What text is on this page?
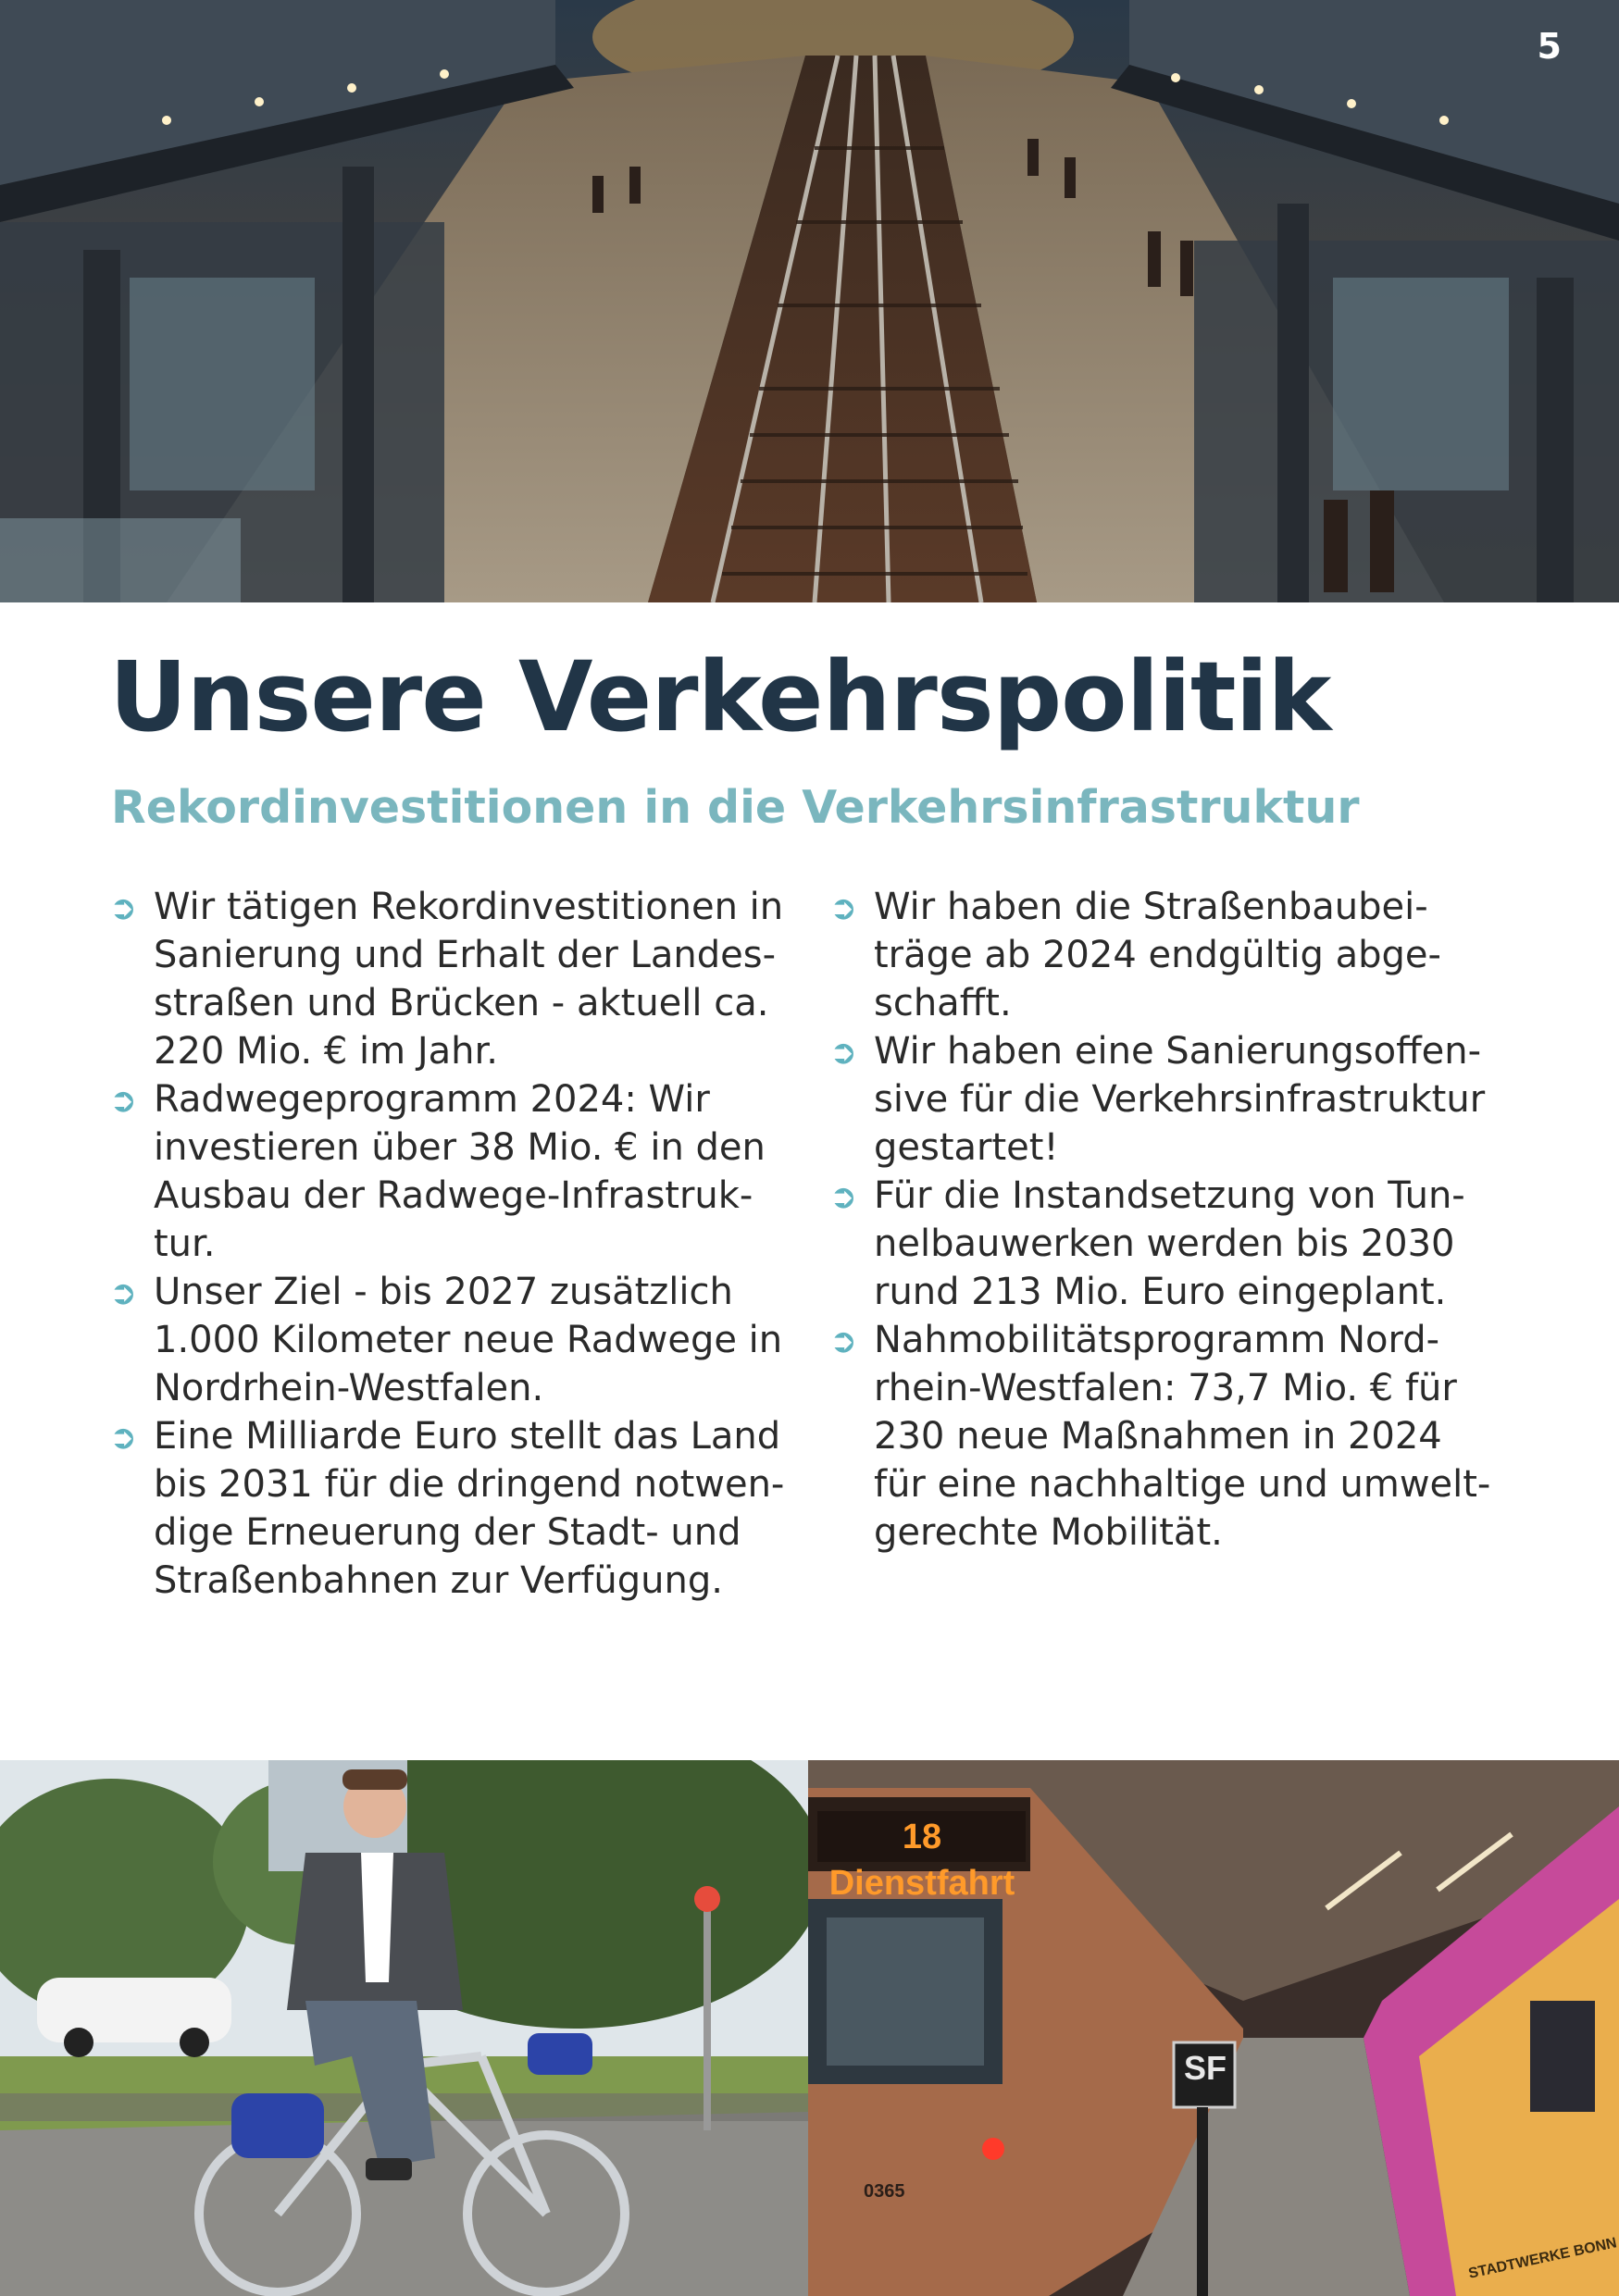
5
Unsere Verkehrspolitik
Rekordinvestitionen in die Verkehrsinfrastruktur
➲ Wir tätigen Rekordinvestitionen in
Sanierung und Erhalt der Landes-
straßen und Brücken - aktuell ca.
220 Mio. € im Jahr.
➲ Radwegeprogramm 2024: Wir
investieren über 38 Mio. € in den
Ausbau der Radwege-Infrastruk-
tur.
➲ Unser Ziel - bis 2027 zusätzlich
1.000 Kilometer neue Radwege in
Nordrhein-Westfalen.
➲ Eine Milliarde Euro stellt das Land
bis 2031 für die dringend notwen-
dige Erneuerung der Stadt- und
Straßenbahnen zur Verfügung.
➲ Wir haben die Straßenbaubei-
träge ab 2024 endgültig abge-
schafft.
➲ Wir haben eine Sanierungsoffen-
sive für die Verkehrsinfrastruktur
gestartet!
➲ Für die Instandsetzung von Tun-
nelbauwerken werden bis 2030
rund 213 Mio. Euro eingeplant.
➲ Nahmobilitätsprogramm Nord-
rhein-Westfalen: 73,7 Mio. € für
230 neue Maßnahmen in 2024
für eine nachhaltige und umwelt-
gerechte Mobilität.
18 Dienstfahrt
0365
SF
STADTWERKE BONN
